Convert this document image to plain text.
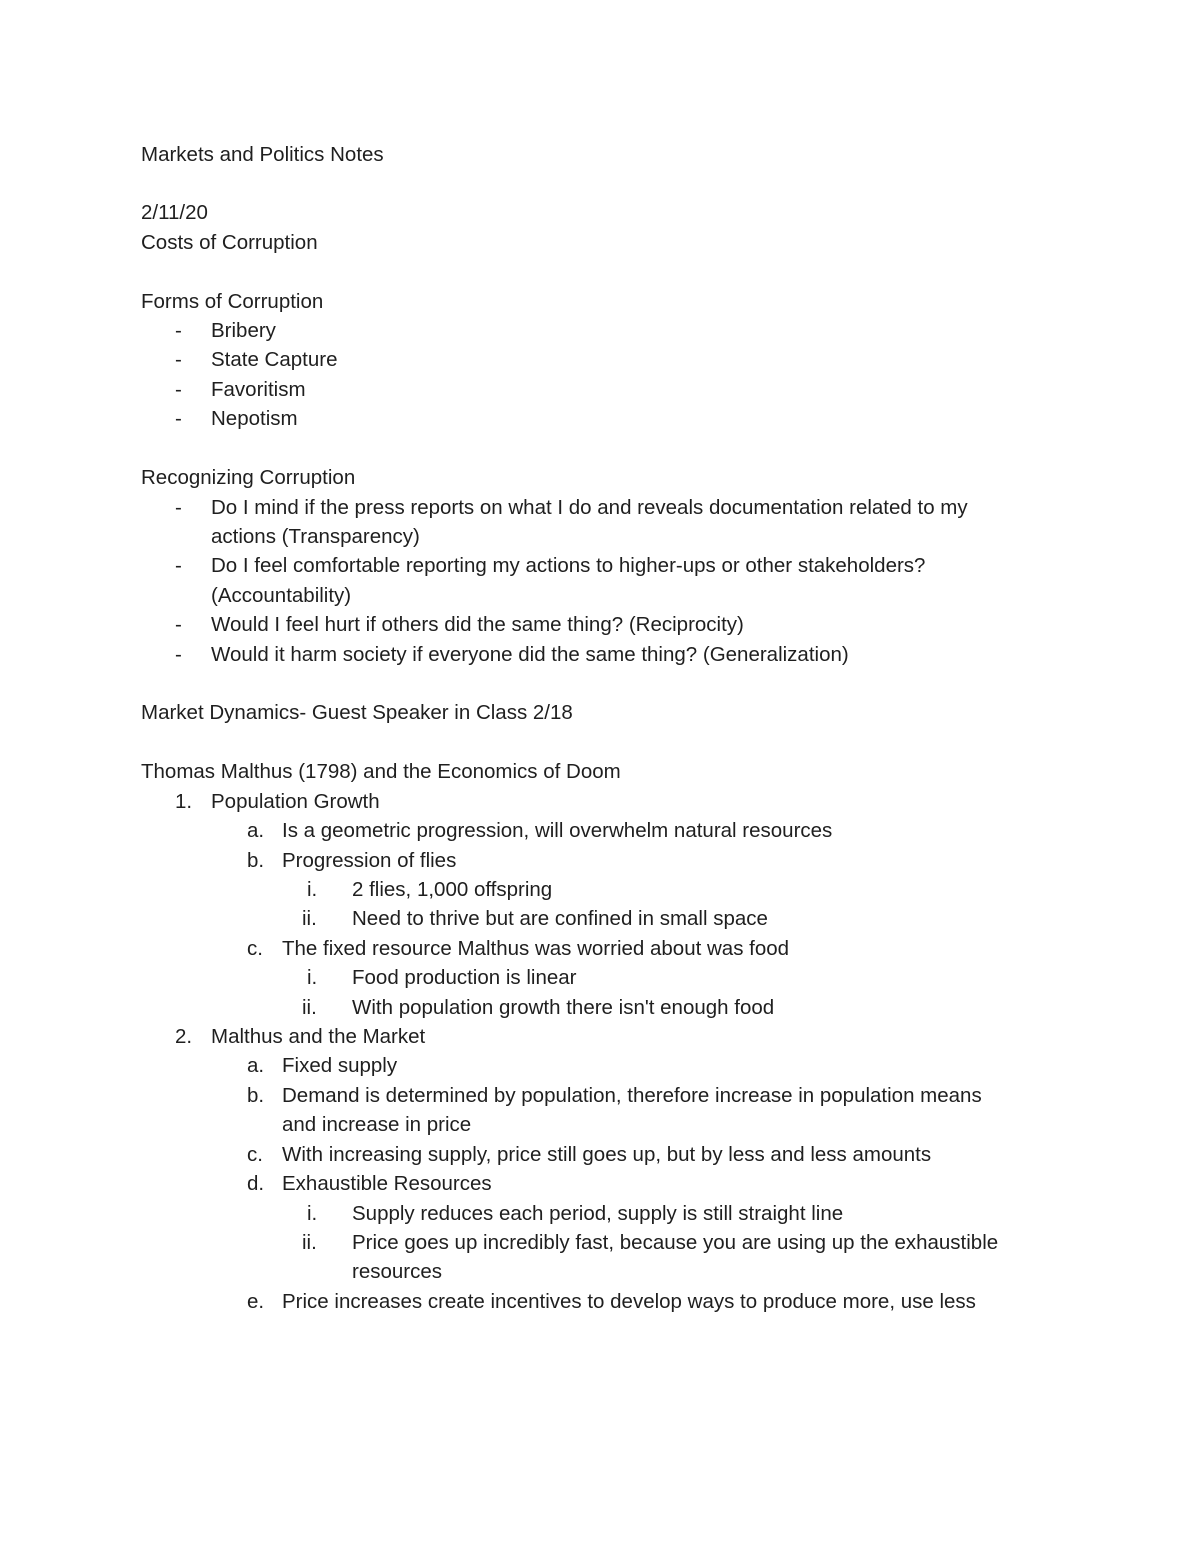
Markets and Politics Notes
2/11/20
Costs of Corruption
Forms of Corruption
- Bribery
- State Capture
- Favoritism
- Nepotism
Recognizing Corruption
- Do I mind if the press reports on what I do and reveals documentation related to my
actions (Transparency)
- Do I feel comfortable reporting my actions to higher-ups or other stakeholders?
(Accountability)
- Would I feel hurt if others did the same thing? (Reciprocity)
- Would it harm society if everyone did the same thing? (Generalization)
Market Dynamics- Guest Speaker in Class 2/18
Thomas Malthus (1798) and the Economics of Doom
1. Population Growth
a. Is a geometric progression, will overwhelm natural resources
b. Progression of flies
i. 2 flies, 1,000 offspring
ii. Need to thrive but are confined in small space
c. The fixed resource Malthus was worried about was food
i. Food production is linear
ii. With population growth there isn't enough food
2. Malthus and the Market
a. Fixed supply
b. Demand is determined by population, therefore increase in population means
and increase in price
c. With increasing supply, price still goes up, but by less and less amounts
d. Exhaustible Resources
i. Supply reduces each period, supply is still straight line
ii. Price goes up incredibly fast, because you are using up the exhaustible
resources
e. Price increases create incentives to develop ways to produce more, use less
